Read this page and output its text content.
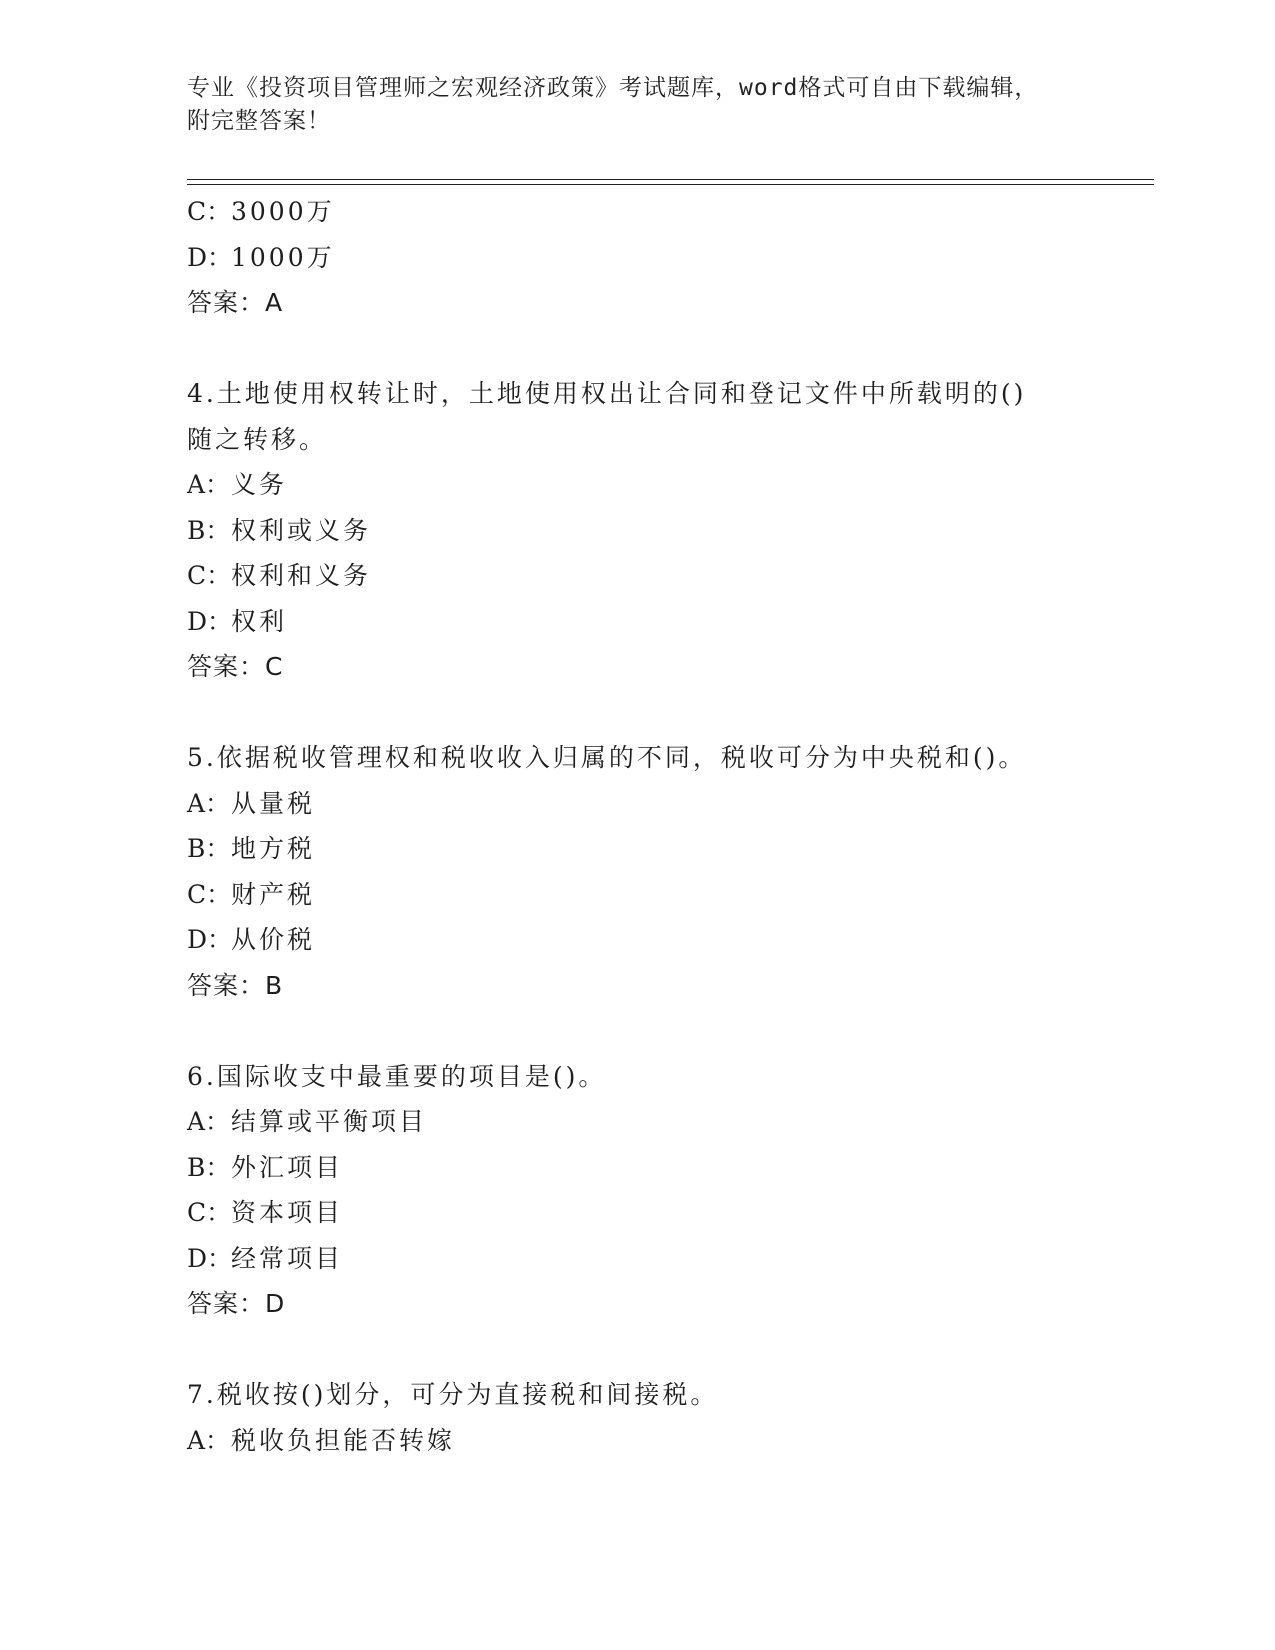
专业《投资项目管理师之宏观经济政策》考试题库，word格式可自由下载编辑，
附完整答案！
C：3000万
D：1000万
答案：A
4.土地使用权转让时，土地使用权出让合同和登记文件中所载明的()
随之转移。
A：义务
B：权利或义务
C：权利和义务
D：权利
答案：C
5.依据税收管理权和税收收入归属的不同，税收可分为中央税和()。
A：从量税
B：地方税
C：财产税
D：从价税
答案：B
6.国际收支中最重要的项目是()。
A：结算或平衡项目
B：外汇项目
C：资本项目
D：经常项目
答案：D
7.税收按()划分，可分为直接税和间接税。
A：税收负担能否转嫁
